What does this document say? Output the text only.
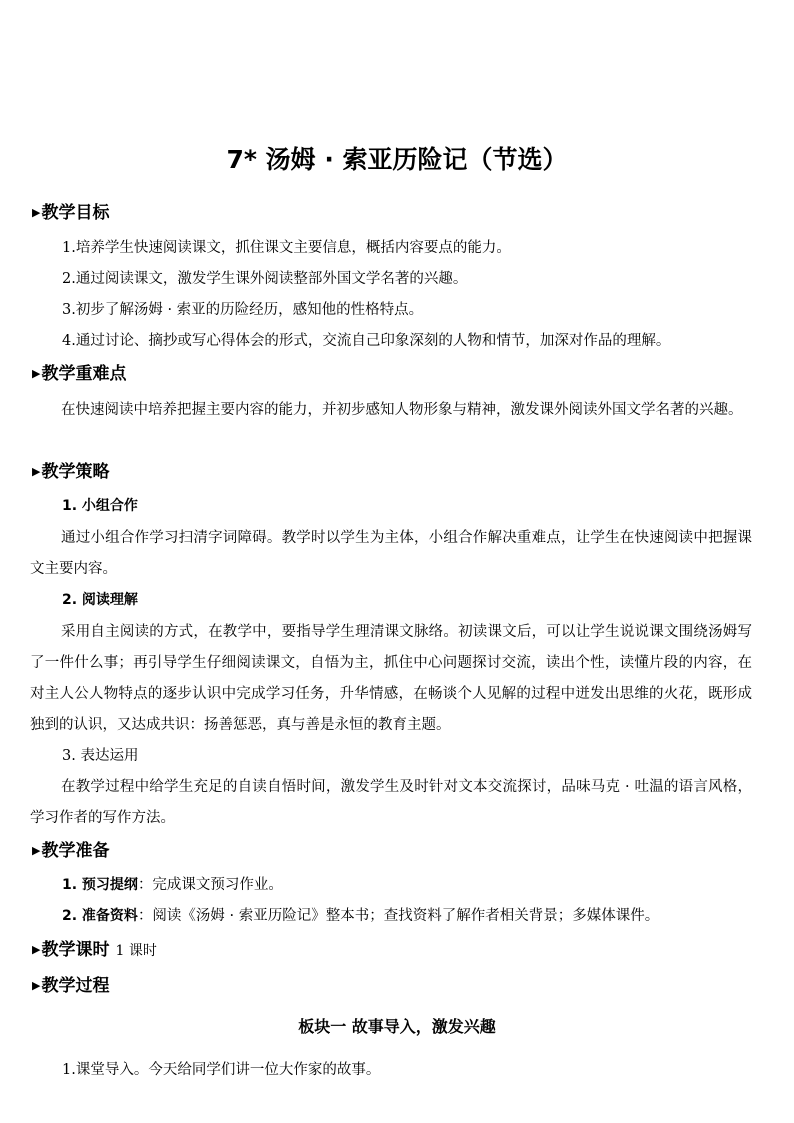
7* 汤姆 · 索亚历险记（节选）
▶教学目标
1.培养学生快速阅读课文，抓住课文主要信息，概括内容要点的能力。
2.通过阅读课文，激发学生课外阅读整部外国文学名著的兴趣。
3.初步了解汤姆 · 索亚的历险经历，感知他的性格特点。
4.通过讨论、摘抄或写心得体会的形式，交流自己印象深刻的人物和情节，加深对作品的理解。
▶教学重难点
在快速阅读中培养把握主要内容的能力，并初步感知人物形象与精神，激发课外阅读外国文学名著的兴趣。
▶教学策略
1. 小组合作
通过小组合作学习扫清字词障碍。教学时以学生为主体，小组合作解决重难点，让学生在快速阅读中把握课文主要内容。
2. 阅读理解
采用自主阅读的方式，在教学中，要指导学生理清课文脉络。初读课文后，可以让学生说说课文围绕汤姆写了一件什么事；再引导学生仔细阅读课文，自悟为主，抓住中心问题探讨交流，读出个性，读懂片段的内容，在对主人公人物特点的逐步认识中完成学习任务，升华情感，在畅谈个人见解的过程中迸发出思维的火花，既形成独到的认识，又达成共识：扬善惩恶，真与善是永恒的教育主题。
3. 表达运用
在教学过程中给学生充足的自读自悟时间，激发学生及时针对文本交流探讨，品味马克 · 吐温的语言风格，学习作者的写作方法。
▶教学准备
1. 预习提纲：完成课文预习作业。
2. 准备资料：阅读《汤姆 · 索亚历险记》整本书；查找资料了解作者相关背景；多媒体课件。
▶教学课时 1 课时
▶教学过程
板块一 故事导入，激发兴趣
1.课堂导入。今天给同学们讲一位大作家的故事。
